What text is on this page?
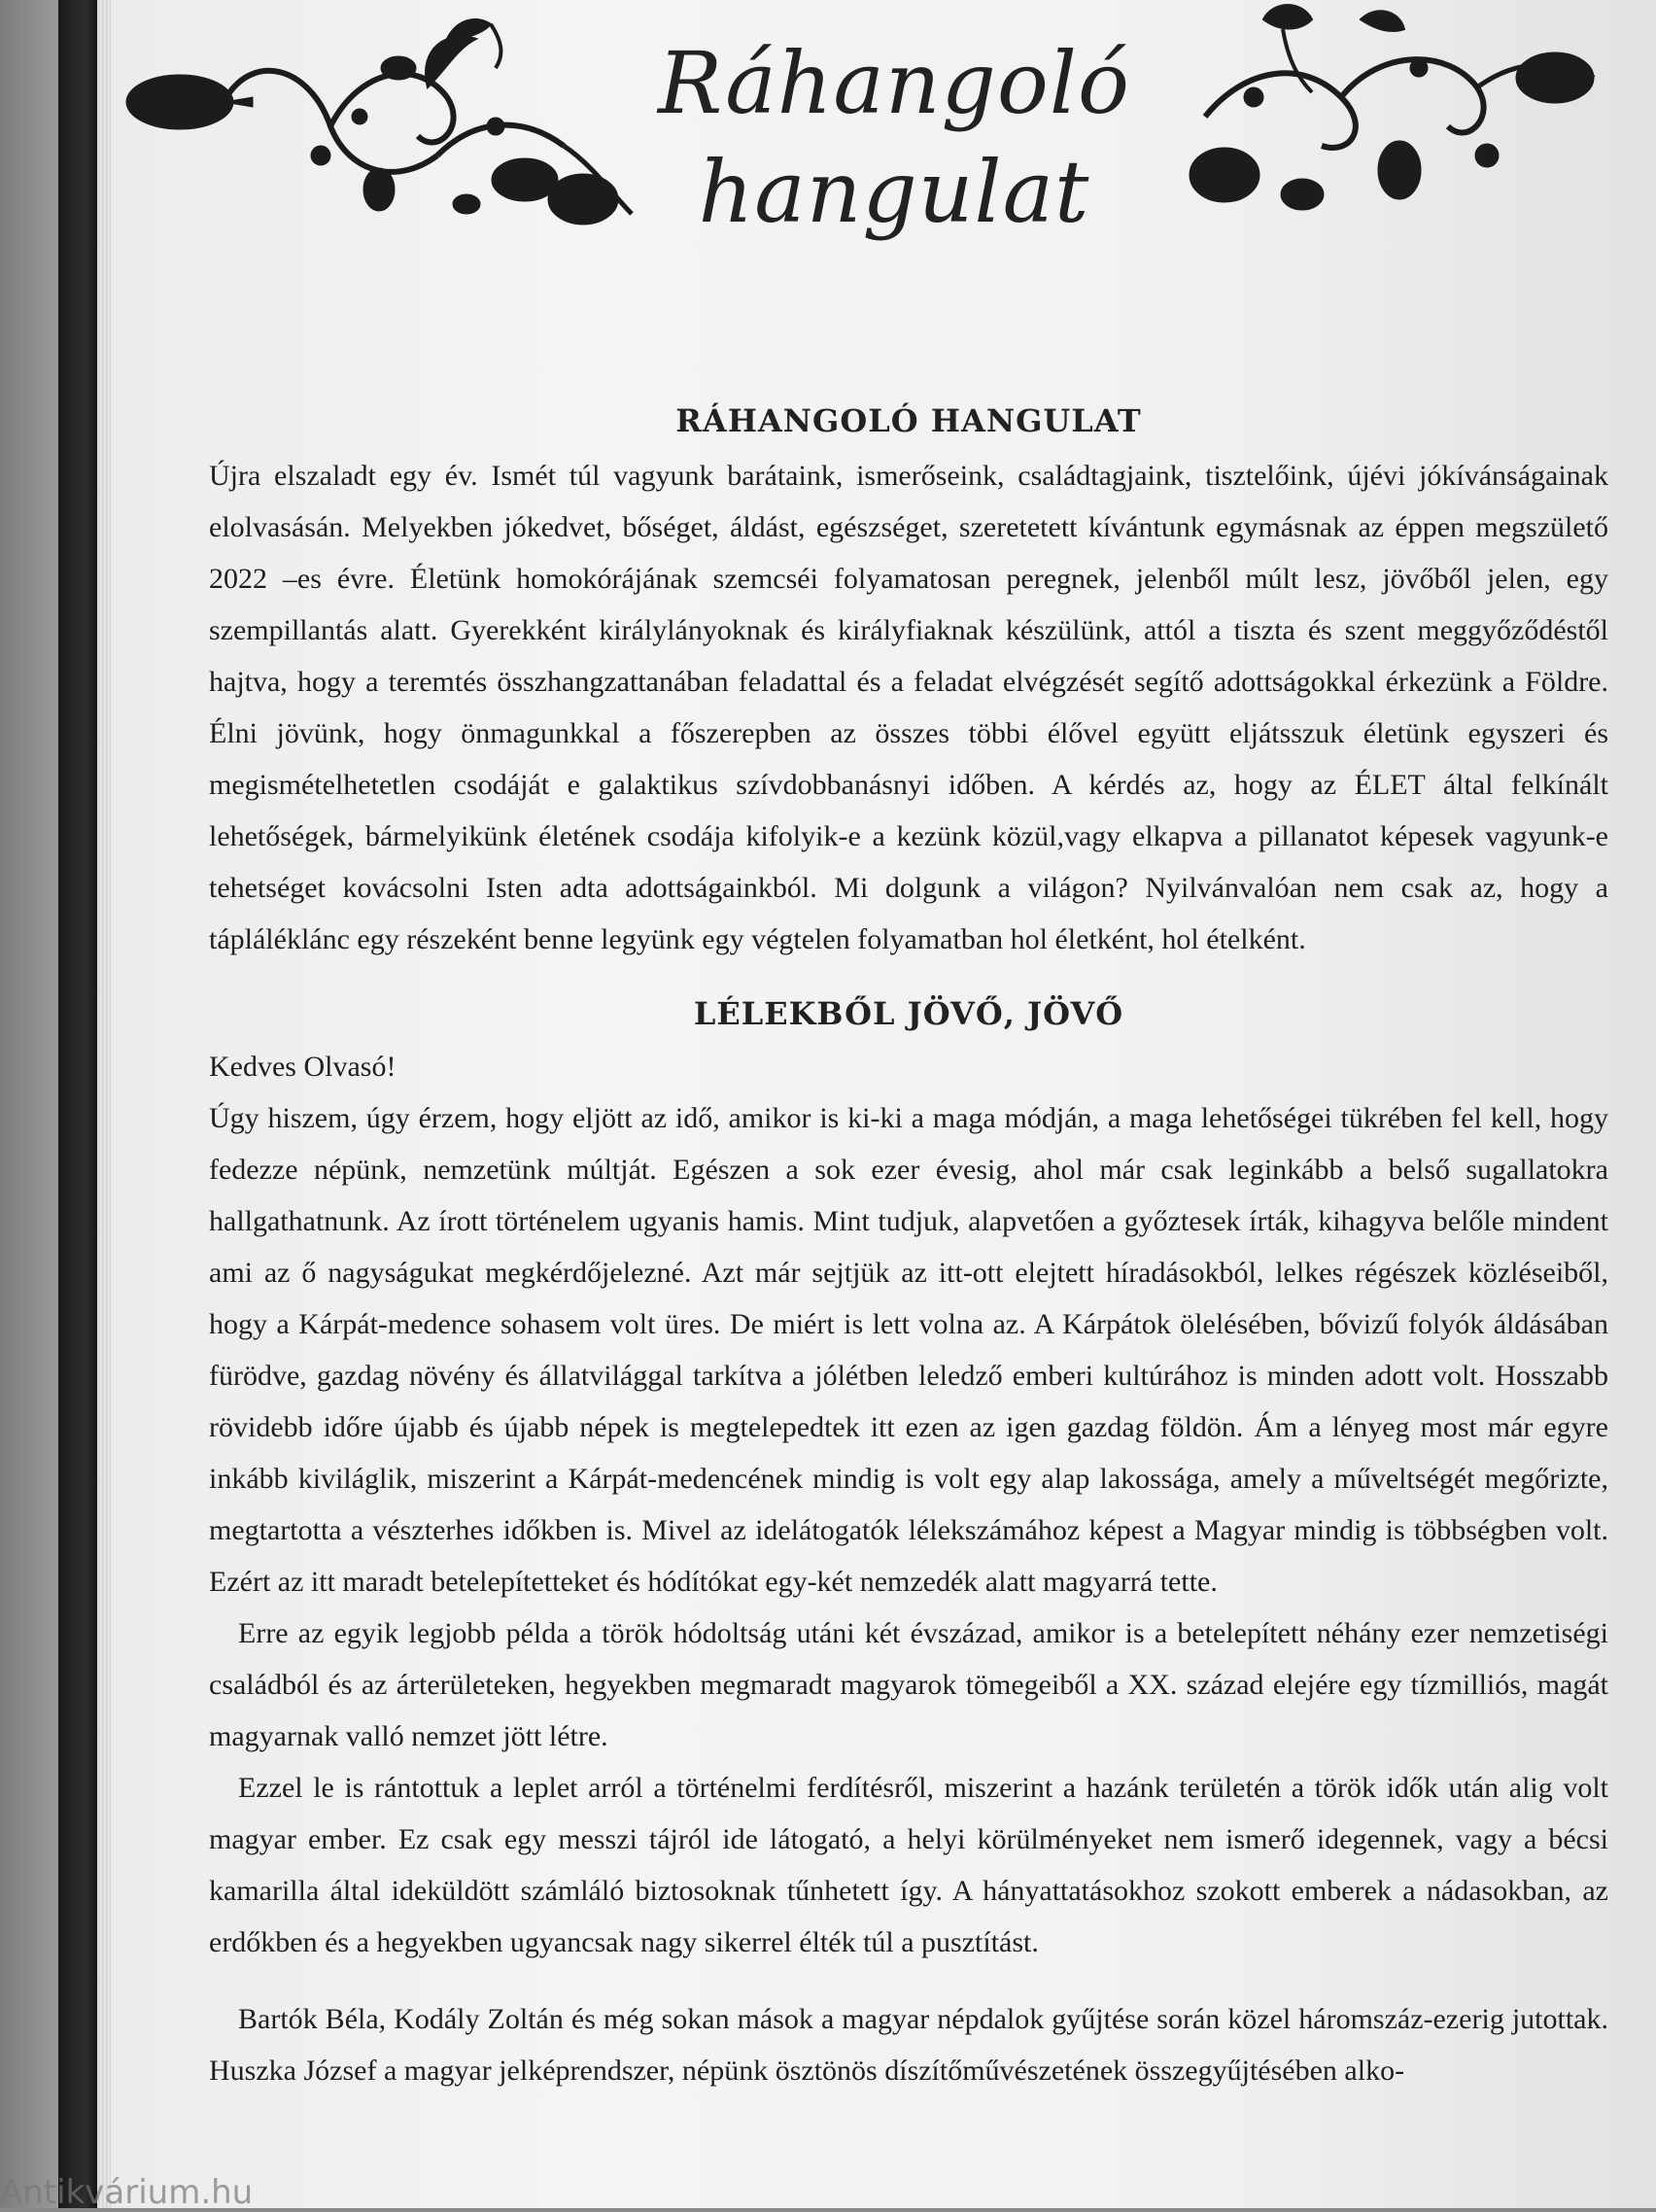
Ráhangoló
hangulat
RÁHANGOLÓ HANGULAT

Újra elszaladt egy év. Ismét túl vagyunk barátaink, ismerőseink, családtagjaink, tisztelőink, újévi jókívánságainak elolvasásán. Melyekben jókedvet, bőséget, áldást, egészséget, szeretetett kívántunk egymásnak az éppen megszülető 2022 –es évre. Életünk homokórájának szemcséi folyamatosan peregnek, jelenből múlt lesz, jövőből jelen, egy szempillantás alatt. Gyerekként királylányoknak és királyfiaknak készülünk, attól a tiszta és szent meggyőződéstől hajtva, hogy a teremtés összhangzattanában feladattal és a feladat elvégzését segítő adottságokkal érkezünk a Földre. Élni jövünk, hogy önmagunkkal a főszerepben az összes többi élővel együtt eljátsszuk életünk egyszeri és megismételhetetlen csodáját e galaktikus szívdobbanásnyi időben. A kérdés az, hogy az ÉLET által felkínált lehetőségek, bármelyikünk életének csodája kifolyik-e a kezünk közül,vagy elkapva a pillanatot képesek vagyunk-e tehetséget kovácsolni Isten adta adottságainkból. Mi dolgunk a világon? Nyilvánvalóan nem csak az, hogy a tápláléklánc egy részeként benne legyünk egy végtelen folyamatban hol életként, hol ételként.

LÉLEKBŐL JÖVŐ, JÖVŐ

Kedves Olvasó!

Úgy hiszem, úgy érzem, hogy eljött az idő, amikor is ki-ki a maga módján, a maga lehetőségei tükrében fel kell, hogy fedezze népünk, nemzetünk múltját. Egészen a sok ezer évesig, ahol már csak leginkább a belső sugallatokra hallgathatnunk. Az írott történelem ugyanis hamis. Mint tudjuk, alapvetően a győztesek írták, kihagyva belőle mindent ami az ő nagyságukat megkérdőjelezné. Azt már sejtjük az itt-ott elejtett híradásokból, lelkes régészek közléseiből, hogy a Kárpát-medence sohasem volt üres. De miért is lett volna az. A Kárpátok ölelésében, bővizű folyók áldásában fürödve, gazdag növény és állatvilággal tarkítva a jólétben leledző emberi kultúrához is minden adott volt. Hosszabb rövidebb időre újabb és újabb népek is megtelepedtek itt ezen az igen gazdag földön. Ám a lényeg most már egyre inkább kiviláglik, miszerint a Kárpát-medencének mindig is volt egy alap lakossága, amely a műveltségét megőrizte, megtartotta a vészterhes időkben is. Mivel az idelátogatók lélekszámához képest a Magyar mindig is többségben volt. Ezért az itt maradt betelepítetteket és hódítókat egy-két nemzedék alatt magyarrá tette.

Erre az egyik legjobb példa a török hódoltság utáni két évszázad, amikor is a betelepített néhány ezer nemzetiségi családból és az árterületeken, hegyekben megmaradt magyarok tömegeiből a XX. század elejére egy tízmilliós, magát magyarnak valló nemzet jött létre.

Ezzel le is rántottuk a leplet arról a történelmi ferdítésről, miszerint a hazánk területén a török idők után alig volt magyar ember. Ez csak egy messzi tájról ide látogató, a helyi körülményeket nem ismerő idegennek, vagy a bécsi kamarilla által ideküldött számláló biztosoknak tűnhetett így. A hányattatásokhoz szokott emberek a nádasokban, az erdőkben és a hegyekben ugyancsak nagy sikerrel élték túl a pusztítást.

Bartók Béla, Kodály Zoltán és még sokan mások a magyar népdalok gyűjtése során közel háromszáz-ezerig jutottak. Huszka József a magyar jelképrendszer, népünk ösztönös díszítőművészetének összegyűjtésében alko-

Antikvárium.hu
